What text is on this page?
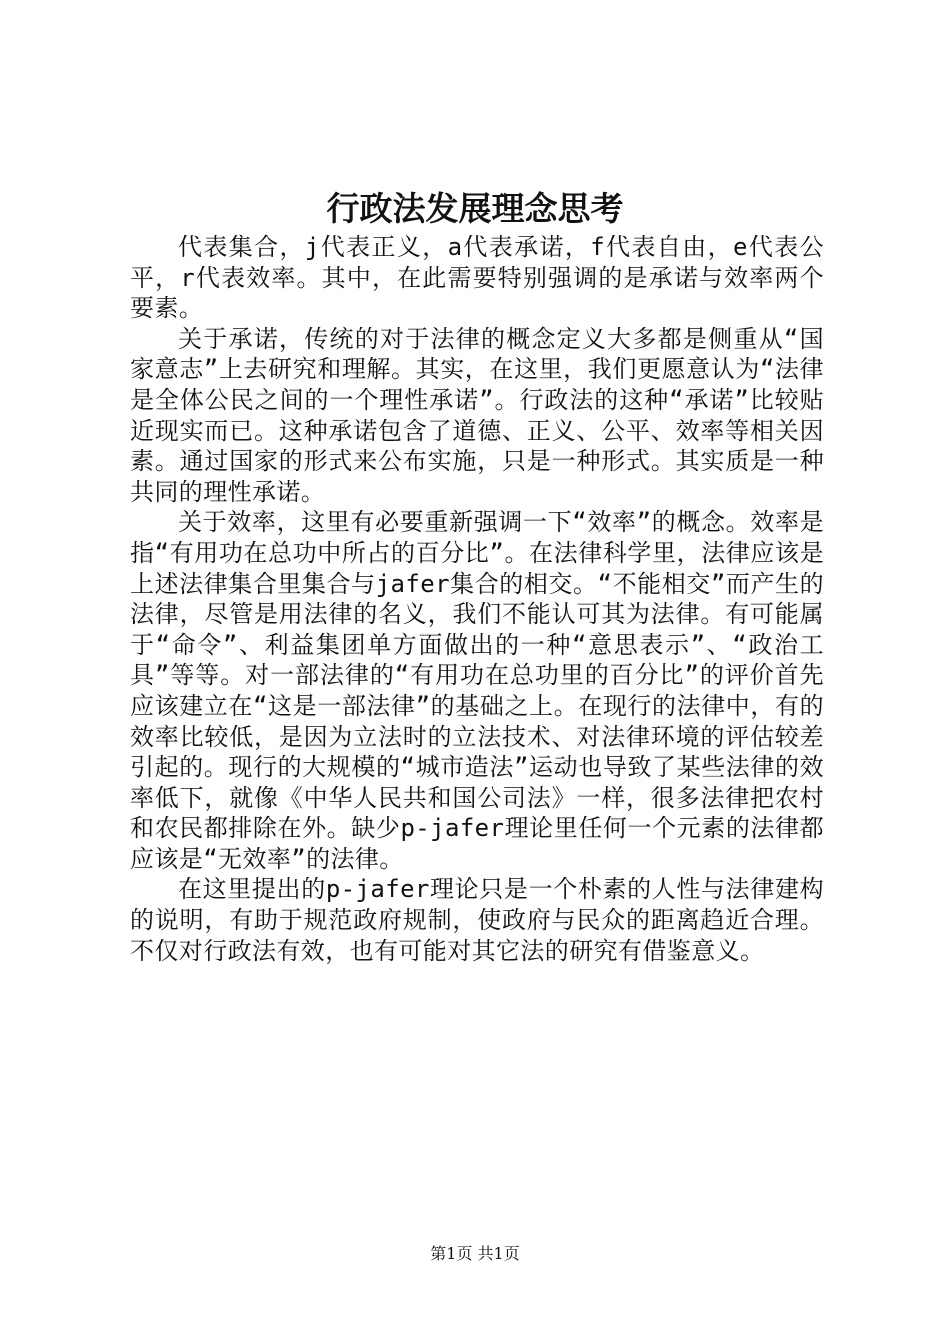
行政法发展理念思考

代表集合，j代表正义，a代表承诺，f代表自由，e代表公平，r代表效率。其中，在此需要特别强调的是承诺与效率两个要素。

关于承诺，传统的对于法律的概念定义大多都是侧重从“国家意志”上去研究和理解。其实，在这里，我们更愿意认为“法律是全体公民之间的一个理性承诺”。行政法的这种“承诺”比较贴近现实而已。这种承诺包含了道德、正义、公平、效率等相关因素。通过国家的形式来公布实施，只是一种形式。其实质是一种共同的理性承诺。

关于效率，这里有必要重新强调一下“效率”的概念。效率是指“有用功在总功中所占的百分比”。在法律科学里，法律应该是上述法律集合里集合与jafer集合的相交。“不能相交”而产生的法律，尽管是用法律的名义，我们不能认可其为法律。有可能属于“命令”、利益集团单方面做出的一种“意思表示”、“政治工具”等等。对一部法律的“有用功在总功里的百分比”的评价首先应该建立在“这是一部法律”的基础之上。在现行的法律中，有的效率比较低，是因为立法时的立法技术、对法律环境的评估较差引起的。现行的大规模的“城市造法”运动也导致了某些法律的效率低下，就像《中华人民共和国公司法》一样，很多法律把农村和农民都排除在外。缺少p-jafer理论里任何一个元素的法律都应该是“无效率”的法律。

在这里提出的p-jafer理论只是一个朴素的人性与法律建构的说明，有助于规范政府规制，使政府与民众的距离趋近合理。不仅对行政法有效，也有可能对其它法的研究有借鉴意义。

第1页 共1页
